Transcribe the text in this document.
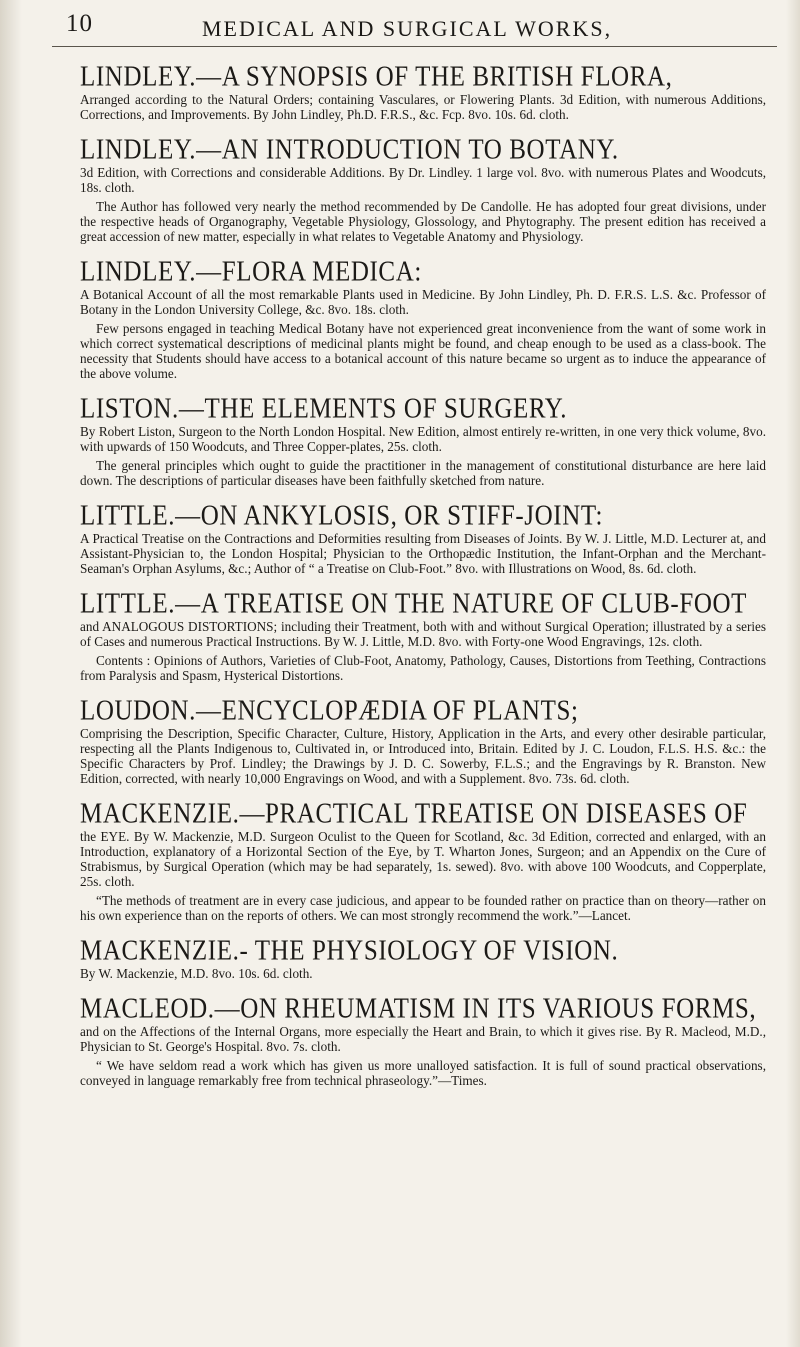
10	MEDICAL AND SURGICAL WORKS,
LINDLEY.—A SYNOPSIS OF THE BRITISH FLORA,

Arranged according to the Natural Orders; containing Vasculares, or Flowering Plants. 3d Edition, with numerous Additions, Corrections, and Improvements. By John Lindley, Ph.D. F.R.S., &c. Fcp. 8vo. 10s. 6d. cloth.

LINDLEY.—AN INTRODUCTION TO BOTANY.

3d Edition, with Corrections and considerable Additions. By Dr. Lindley. 1 large vol. 8vo. with numerous Plates and Woodcuts, 18s. cloth.

The Author has followed very nearly the method recommended by De Candolle. He has adopted four great divisions, under the respective heads of Organography, Vegetable Physiology, Glossology, and Phytography. The present edition has received a great accession of new matter, especially in what relates to Vegetable Anatomy and Physiology.

LINDLEY.—FLORA MEDICA:

A Botanical Account of all the most remarkable Plants used in Medicine. By John Lindley, Ph. D. F.R.S. L.S. &c. Professor of Botany in the London University College, &c. 8vo. 18s. cloth.

Few persons engaged in teaching Medical Botany have not experienced great inconvenience from the want of some work in which correct systematical descriptions of medicinal plants might be found, and cheap enough to be used as a class-book. The necessity that Students should have access to a botanical account of this nature became so urgent as to induce the appearance of the above volume.

LISTON.—THE ELEMENTS OF SURGERY.

By Robert Liston, Surgeon to the North London Hospital. New Edition, almost entirely re-written, in one very thick volume, 8vo. with upwards of 150 Woodcuts, and Three Copper-plates, 25s. cloth.

The general principles which ought to guide the practitioner in the management of constitutional disturbance are here laid down. The descriptions of particular diseases have been faithfully sketched from nature.

LITTLE.—ON ANKYLOSIS, OR STIFF-JOINT:

A Practical Treatise on the Contractions and Deformities resulting from Diseases of Joints. By W. J. Little, M.D. Lecturer at, and Assistant-Physician to, the London Hospital; Physician to the Orthopædic Institution, the Infant-Orphan and the Merchant-Seaman's Orphan Asylums, &c.; Author of “ a Treatise on Club-Foot.” 8vo. with Illustrations on Wood, 8s. 6d. cloth.

LITTLE.—A TREATISE ON THE NATURE OF CLUB-FOOT

and ANALOGOUS DISTORTIONS; including their Treatment, both with and without Surgical Operation; illustrated by a series of Cases and numerous Practical Instructions. By W. J. Little, M.D. 8vo. with Forty-one Wood Engravings, 12s. cloth.

Contents : Opinions of Authors, Varieties of Club-Foot, Anatomy, Pathology, Causes, Distortions from Teething, Contractions from Paralysis and Spasm, Hysterical Distortions.

LOUDON.—ENCYCLOPÆDIA OF PLANTS;

Comprising the Description, Specific Character, Culture, History, Application in the Arts, and every other desirable particular, respecting all the Plants Indigenous to, Cultivated in, or Introduced into, Britain. Edited by J. C. Loudon, F.L.S. H.S. &c.: the Specific Characters by Prof. Lindley; the Drawings by J. D. C. Sowerby, F.L.S.; and the Engravings by R. Branston. New Edition, corrected, with nearly 10,000 Engravings on Wood, and with a Supplement. 8vo. 73s. 6d. cloth.

MACKENZIE.—PRACTICAL TREATISE ON DISEASES OF

the EYE. By W. Mackenzie, M.D. Surgeon Oculist to the Queen for Scotland, &c. 3d Edition, corrected and enlarged, with an Introduction, explanatory of a Horizontal Section of the Eye, by T. Wharton Jones, Surgeon; and an Appendix on the Cure of Strabismus, by Surgical Operation (which may be had separately, 1s. sewed). 8vo. with above 100 Woodcuts, and Copperplate, 25s. cloth.

“The methods of treatment are in every case judicious, and appear to be founded rather on practice than on theory—rather on his own experience than on the reports of others. We can most strongly recommend the work.”—Lancet.

MACKENZIE.- THE PHYSIOLOGY OF VISION.

By W. Mackenzie, M.D. 8vo. 10s. 6d. cloth.

MACLEOD.—ON RHEUMATISM IN ITS VARIOUS FORMS,

and on the Affections of the Internal Organs, more especially the Heart and Brain, to which it gives rise. By R. Macleod, M.D., Physician to St. George's Hospital. 8vo. 7s. cloth.

“ We have seldom read a work which has given us more unalloyed satisfaction. It is full of sound practical observations, conveyed in language remarkably free from technical phraseology.”—Times.
